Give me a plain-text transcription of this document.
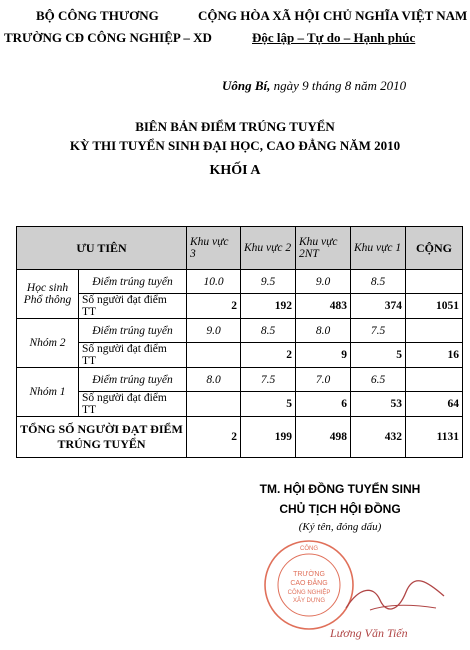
BỘ CÔNG THƯƠNG	CỘNG HÒA XÃ HỘI CHỦ NGHĨA VIỆT NAM
TRƯỜNG CĐ CÔNG NGHIỆP – XD	Độc lập – Tự do – Hạnh phúc
Uông Bí, ngày 9 tháng 8 năm 2010
BIÊN BẢN ĐIỂM TRÚNG TUYỂN
KỲ THI TUYỂN SINH ĐẠI HỌC, CAO ĐẲNG NĂM 2010
KHỐI A
ƯU TIÊN		Khu vực 3	Khu vực 2	Khu vực 2NT	Khu vực 1	CỘNG
Học sinh Phổ thông	Điểm trúng tuyển	10.0	9.5	9.0	8.5	
	Số người đạt điểm TT	2	192	483	374	1051
Nhóm 2	Điểm trúng tuyển	9.0	8.5	8.0	7.5	
	Số người đạt điểm TT		2	9	5	16
Nhóm 1	Điểm trúng tuyển	8.0	7.5	7.0	6.5	
	Số người đạt điểm TT		5	6	53	64
TỔNG SỐ NGƯỜI ĐẠT ĐIỂM TRÚNG TUYỂN		2	199	498	432	1131
TM. HỘI ĐỒNG TUYỂN SINH
CHỦ TỊCH HỘI ĐỒNG
(Ký tên, đóng dấu)
TRƯỜNG
CAO ĐẲNG
CÔNG NGHIỆP
XÂY DỰNG
CÔNG
Lương Văn Tiến
